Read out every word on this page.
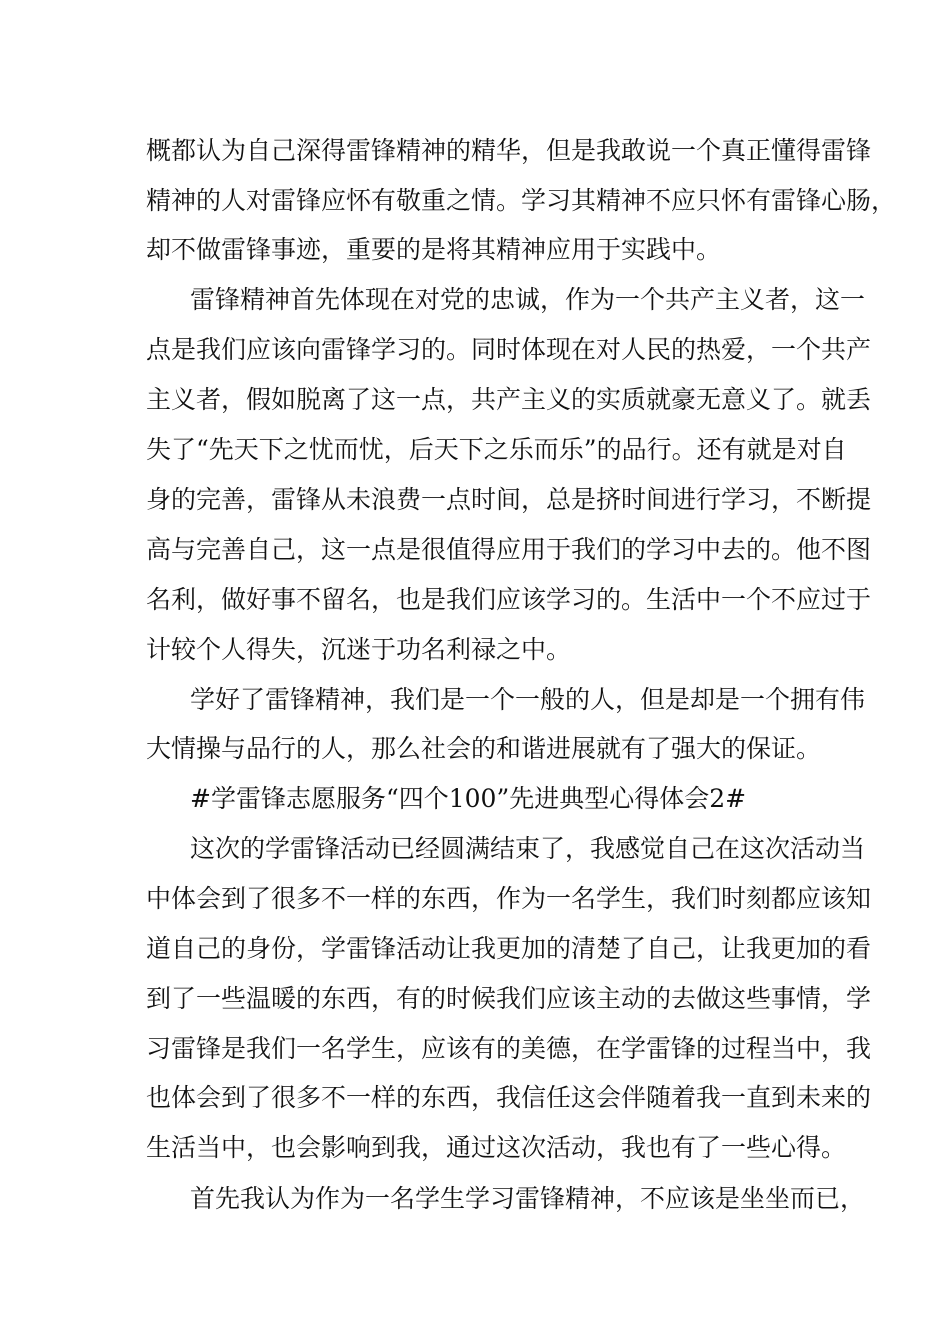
概都认为自己深得雷锋精神的精华，但是我敢说一个真正懂得雷锋
精神的人对雷锋应怀有敬重之情。学习其精神不应只怀有雷锋心肠，
却不做雷锋事迹，重要的是将其精神应用于实践中。
雷锋精神首先体现在对党的忠诚，作为一个共产主义者，这一
点是我们应该向雷锋学习的。同时体现在对人民的热爱，一个共产
主义者，假如脱离了这一点，共产主义的实质就豪无意义了。就丢
失了“先天下之忧而忧，后天下之乐而乐”的品行。还有就是对自
身的完善，雷锋从未浪费一点时间，总是挤时间进行学习，不断提
高与完善自己，这一点是很值得应用于我们的学习中去的。他不图
名利，做好事不留名，也是我们应该学习的。生活中一个不应过于
计较个人得失，沉迷于功名利禄之中。
学好了雷锋精神，我们是一个一般的人，但是却是一个拥有伟
大情操与品行的人，那么社会的和谐进展就有了强大的保证。
#学雷锋志愿服务“四个100”先进典型心得体会2#
这次的学雷锋活动已经圆满结束了，我感觉自己在这次活动当
中体会到了很多不一样的东西，作为一名学生，我们时刻都应该知
道自己的身份，学雷锋活动让我更加的清楚了自己，让我更加的看
到了一些温暖的东西，有的时候我们应该主动的去做这些事情，学
习雷锋是我们一名学生，应该有的美德，在学雷锋的过程当中，我
也体会到了很多不一样的东西，我信任这会伴随着我一直到未来的
生活当中，也会影响到我，通过这次活动，我也有了一些心得。
首先我认为作为一名学生学习雷锋精神，不应该是坐坐而已，
